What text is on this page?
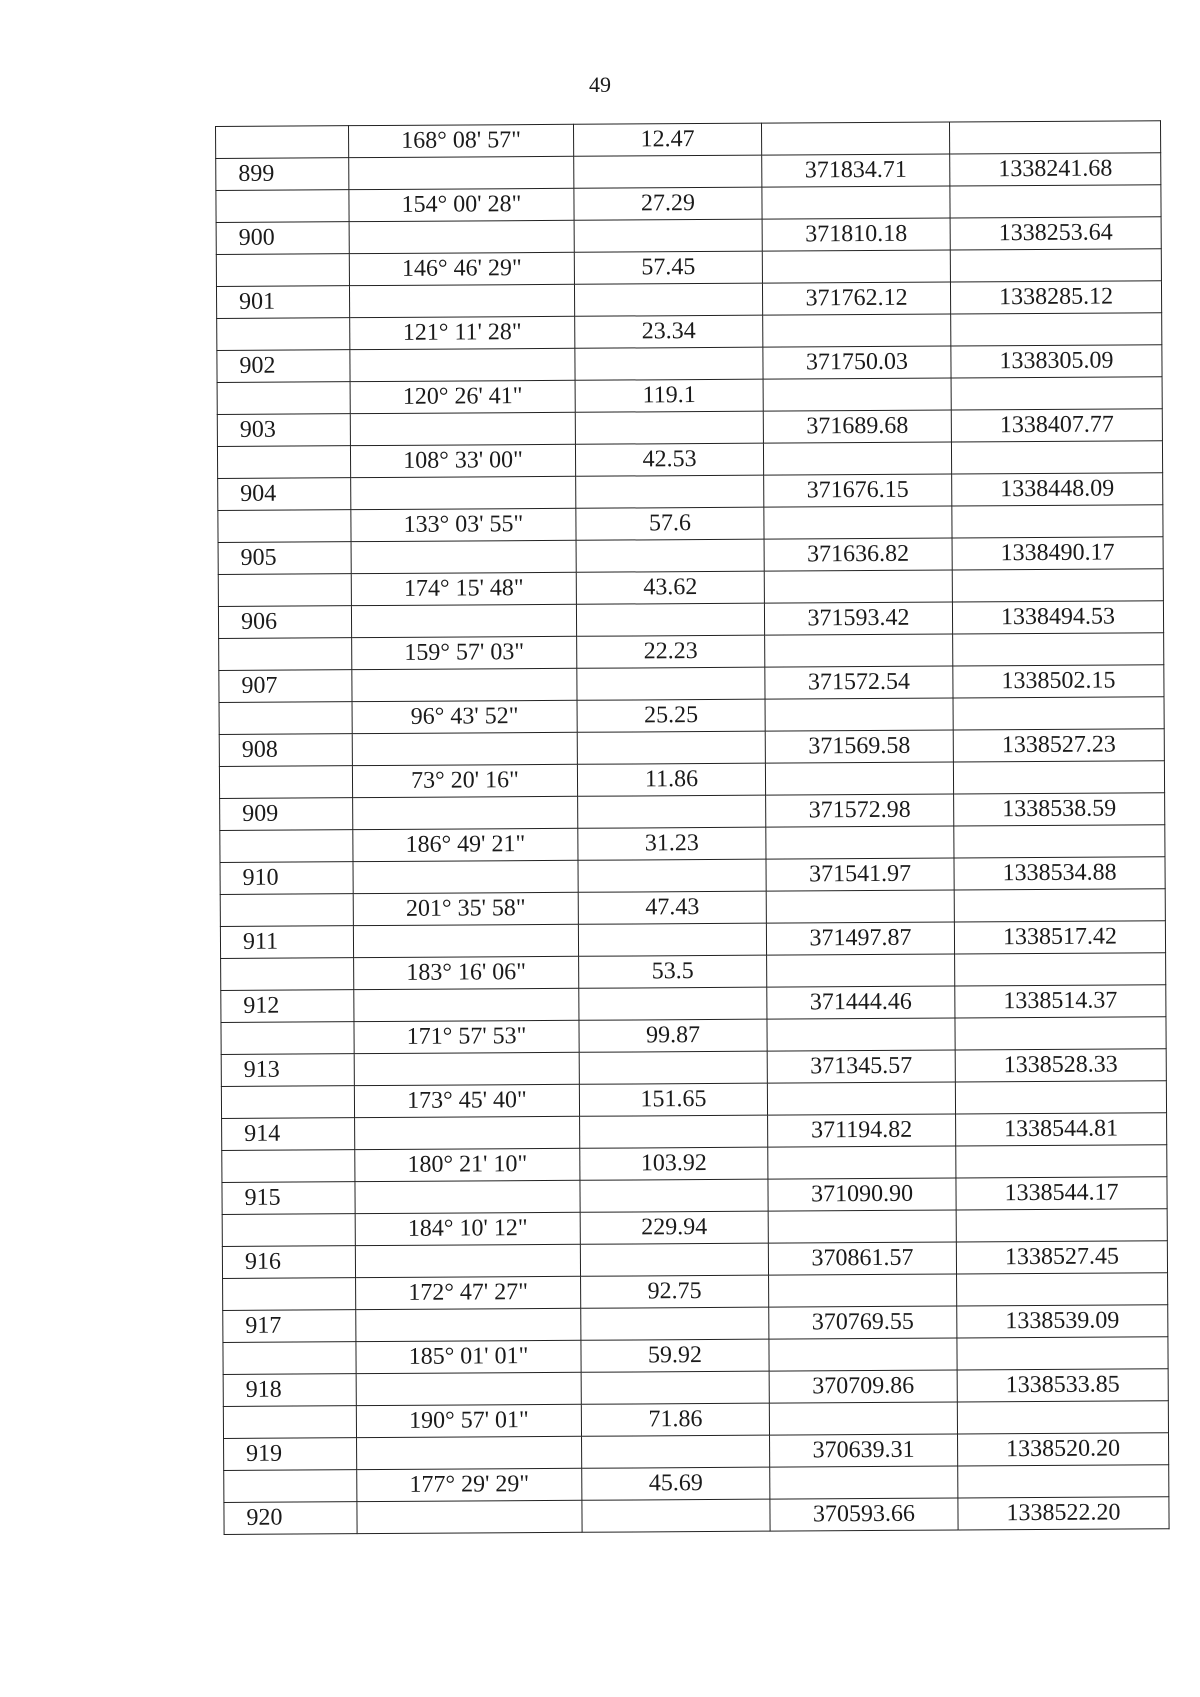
49
	168° 08' 57"	12.47		
899			371834.71	1338241.68
	154° 00' 28"	27.29		
900			371810.18	1338253.64
	146° 46' 29"	57.45		
901			371762.12	1338285.12
	121° 11' 28"	23.34		
902			371750.03	1338305.09
	120° 26' 41"	119.1		
903			371689.68	1338407.77
	108° 33' 00"	42.53		
904			371676.15	1338448.09
	133° 03' 55"	57.6		
905			371636.82	1338490.17
	174° 15' 48"	43.62		
906			371593.42	1338494.53
	159° 57' 03"	22.23		
907			371572.54	1338502.15
	96° 43' 52"	25.25		
908			371569.58	1338527.23
	73° 20' 16"	11.86		
909			371572.98	1338538.59
	186° 49' 21"	31.23		
910			371541.97	1338534.88
	201° 35' 58"	47.43		
911			371497.87	1338517.42
	183° 16' 06"	53.5		
912			371444.46	1338514.37
	171° 57' 53"	99.87		
913			371345.57	1338528.33
	173° 45' 40"	151.65		
914			371194.82	1338544.81
	180° 21' 10"	103.92		
915			371090.90	1338544.17
	184° 10' 12"	229.94		
916			370861.57	1338527.45
	172° 47' 27"	92.75		
917			370769.55	1338539.09
	185° 01' 01"	59.92		
918			370709.86	1338533.85
	190° 57' 01"	71.86		
919			370639.31	1338520.20
	177° 29' 29"	45.69		
920			370593.66	1338522.20
